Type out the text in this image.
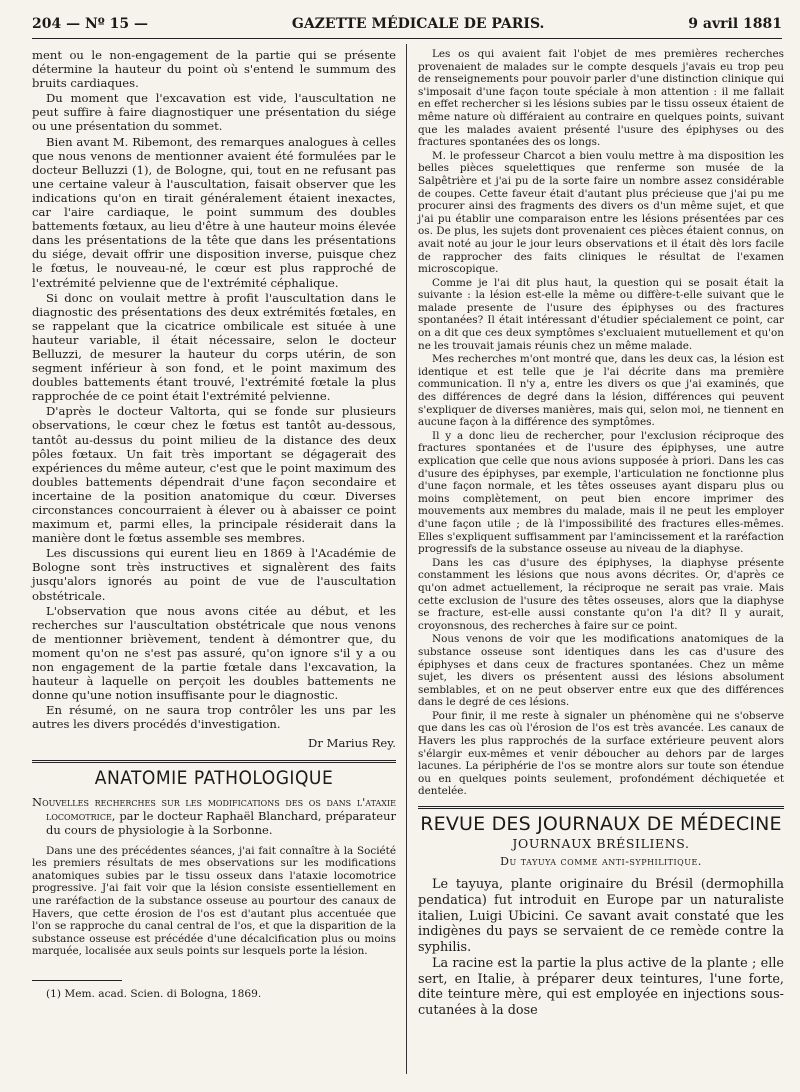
204 — Nº 15 —	GAZETTE MÉDICALE DE PARIS.	9 avril 1881

ment ou le non-engagement de la partie qui se présente détermine la hauteur du point où s'entend le summum des bruits cardiaques.

Du moment que l'excavation est vide, l'auscultation ne peut suffire à faire diagnostiquer une présentation du siége ou une présentation du sommet.

Bien avant M. Ribemont, des remarques analogues à celles que nous venons de mentionner avaient été formulées par le docteur Belluzzi (1), de Bologne, qui, tout en ne refusant pas une certaine valeur à l'auscultation, faisait observer que les indications qu'on en tirait généralement étaient inexactes, car l'aire cardiaque, le point summum des doubles battements fœtaux, au lieu d'être à une hauteur moins élevée dans les présentations de la tête que dans les présentations du siége, devait offrir une disposition inverse, puisque chez le fœtus, le nouveau-né, le cœur est plus rapproché de l'extrémité pelvienne que de l'extrémité céphalique.

Si donc on voulait mettre à profit l'auscultation dans le diagnostic des présentations des deux extrémités fœtales, en se rappelant que la cicatrice ombilicale est située à une hauteur variable, il était nécessaire, selon le docteur Belluzzi, de mesurer la hauteur du corps utérin, de son segment inférieur à son fond, et le point maximum des doubles battements étant trouvé, l'extrémité fœtale la plus rapprochée de ce point était l'extrémité pelvienne.

D'après le docteur Valtorta, qui se fonde sur plusieurs observations, le cœur chez le fœtus est tantôt au-dessous, tantôt au-dessus du point milieu de la distance des deux pôles fœtaux. Un fait très important se dégagerait des expériences du même auteur, c'est que le point maximum des doubles battements dépendrait d'une façon secondaire et incertaine de la position anatomique du cœur. Diverses circonstances concourraient à élever ou à abaisser ce point maximum et, parmi elles, la principale résiderait dans la manière dont le fœtus assemble ses membres.

Les discussions qui eurent lieu en 1869 à l'Académie de Bologne sont très instructives et signalèrent des faits jusqu'alors ignorés au point de vue de l'auscultation obstétricale.

L'observation que nous avons citée au début, et les recherches sur l'auscultation obstétricale que nous venons de mentionner brièvement, tendent à démontrer que, du moment qu'on ne s'est pas assuré, qu'on ignore s'il y a ou non engagement de la partie fœtale dans l'excavation, la hauteur à laquelle on perçoit les doubles battements ne donne qu'une notion insuffisante pour le diagnostic.

En résumé, on ne saura trop contrôler les uns par les autres les divers procédés d'investigation.

Dr Marius Rey.

ANATOMIE PATHOLOGIQUE

Nouvelles recherches sur les modifications des os dans l'ataxie locomotrice, par le docteur Raphaël Blanchard, préparateur du cours de physiologie à la Sorbonne.

Dans une des précédentes séances, j'ai fait connaître à la Société les premiers résultats de mes observations sur les modifications anatomiques subies par le tissu osseux dans l'ataxie locomotrice progressive. J'ai fait voir que la lésion consiste essentiellement en une raréfaction de la substance osseuse au pourtour des canaux de Havers, que cette érosion de l'os est d'autant plus accentuée que l'on se rapproche du canal central de l'os, et que la disparition de la substance osseuse est précédée d'une décalcification plus ou moins marquée, localisée aux seuls points sur lesquels porte la lésion.

(1) Mem. acad. Scien. di Bologna, 1869.

Les os qui avaient fait l'objet de mes premières recherches provenaient de malades sur le compte desquels j'avais eu trop peu de renseignements pour pouvoir parler d'une distinction clinique qui s'imposait d'une façon toute spéciale à mon attention : il me fallait en effet rechercher si les lésions subies par le tissu osseux étaient de même nature où différaient au contraire en quelques points, suivant que les malades avaient présenté l'usure des épiphyses ou des fractures spontanées des os longs.

M. le professeur Charcot a bien voulu mettre à ma disposition les belles pièces squelettiques que renferme son musée de la Salpêtrière et j'ai pu de la sorte faire un nombre assez considérable de coupes. Cette faveur était d'autant plus précieuse que j'ai pu me procurer ainsi des fragments des divers os d'un même sujet, et que j'ai pu établir une comparaison entre les lésions présentées par ces os. De plus, les sujets dont provenaient ces pièces étaient connus, on avait noté au jour le jour leurs observations et il était dès lors facile de rapprocher des faits cliniques le résultat de l'examen microscopique.

Comme je l'ai dit plus haut, la question qui se posait était la suivante : la lésion est-elle la même ou diffère-t-elle suivant que le malade presente de l'usure des épiphyses ou des fractures spontanées? Il était intéressant d'étudier spécialement ce point, car on a dit que ces deux symptômes s'excluaient mutuellement et qu'on ne les trouvait jamais réunis chez un même malade.

Mes recherches m'ont montré que, dans les deux cas, la lésion est identique et est telle que je l'ai décrite dans ma première communication. Il n'y a, entre les divers os que j'ai examinés, que des différences de degré dans la lésion, différences qui peuvent s'expliquer de diverses manières, mais qui, selon moi, ne tiennent en aucune façon à la différence des symptômes.

Il y a donc lieu de rechercher, pour l'exclusion réciproque des fractures spontanées et de l'usure des épiphyses, une autre explication que celle que nous avions supposée à priori. Dans les cas d'usure des épiphyses, par exemple, l'articulation ne fonctionne plus d'une façon normale, et les têtes osseuses ayant disparu plus ou moins complètement, on peut bien encore imprimer des mouvements aux membres du malade, mais il ne peut les employer d'une façon utile ; de là l'impossibilité des fractures elles-mêmes. Elles s'expliquent suffisamment par l'amincissement et la raréfaction progressifs de la substance osseuse au niveau de la diaphyse.

Dans les cas d'usure des épiphyses, la diaphyse présente constamment les lésions que nous avons décrites. Or, d'après ce qu'on admet actuellement, la réciproque ne serait pas vraie. Mais cette exclusion de l'usure des têtes osseuses, alors que la diaphyse se fracture, est-elle aussi constante qu'on l'a dit? Il y aurait, croyonsnous, des recherches à faire sur ce point.

Nous venons de voir que les modifications anatomiques de la substance osseuse sont identiques dans les cas d'usure des épiphyses et dans ceux de fractures spontanées. Chez un même sujet, les divers os présentent aussi des lésions absolument semblables, et on ne peut observer entre eux que des différences dans le degré de ces lésions.

Pour finir, il me reste à signaler un phénomène qui ne s'observe que dans les cas où l'érosion de l'os est très avancée. Les canaux de Havers les plus rapprochés de la surface extérieure peuvent alors s'élargir eux-mêmes et venir déboucher au dehors par de larges lacunes. La périphérie de l'os se montre alors sur toute son étendue ou en quelques points seulement, profondément déchiquetée et dentelée.

REVUE DES JOURNAUX DE MÉDECINE
JOURNAUX BRÉSILIENS.
Du tayuya comme anti-syphilitique.

Le tayuya, plante originaire du Brésil (dermophilla pendatica) fut introduit en Europe par un naturaliste italien, Luigi Ubicini. Ce savant avait constaté que les indigènes du pays se servaient de ce remède contre la syphilis.

La racine est la partie la plus active de la plante ; elle sert, en Italie, à préparer deux teintures, l'une forte, dite teinture mère, qui est employée en injections sous-cutanées à la dose
